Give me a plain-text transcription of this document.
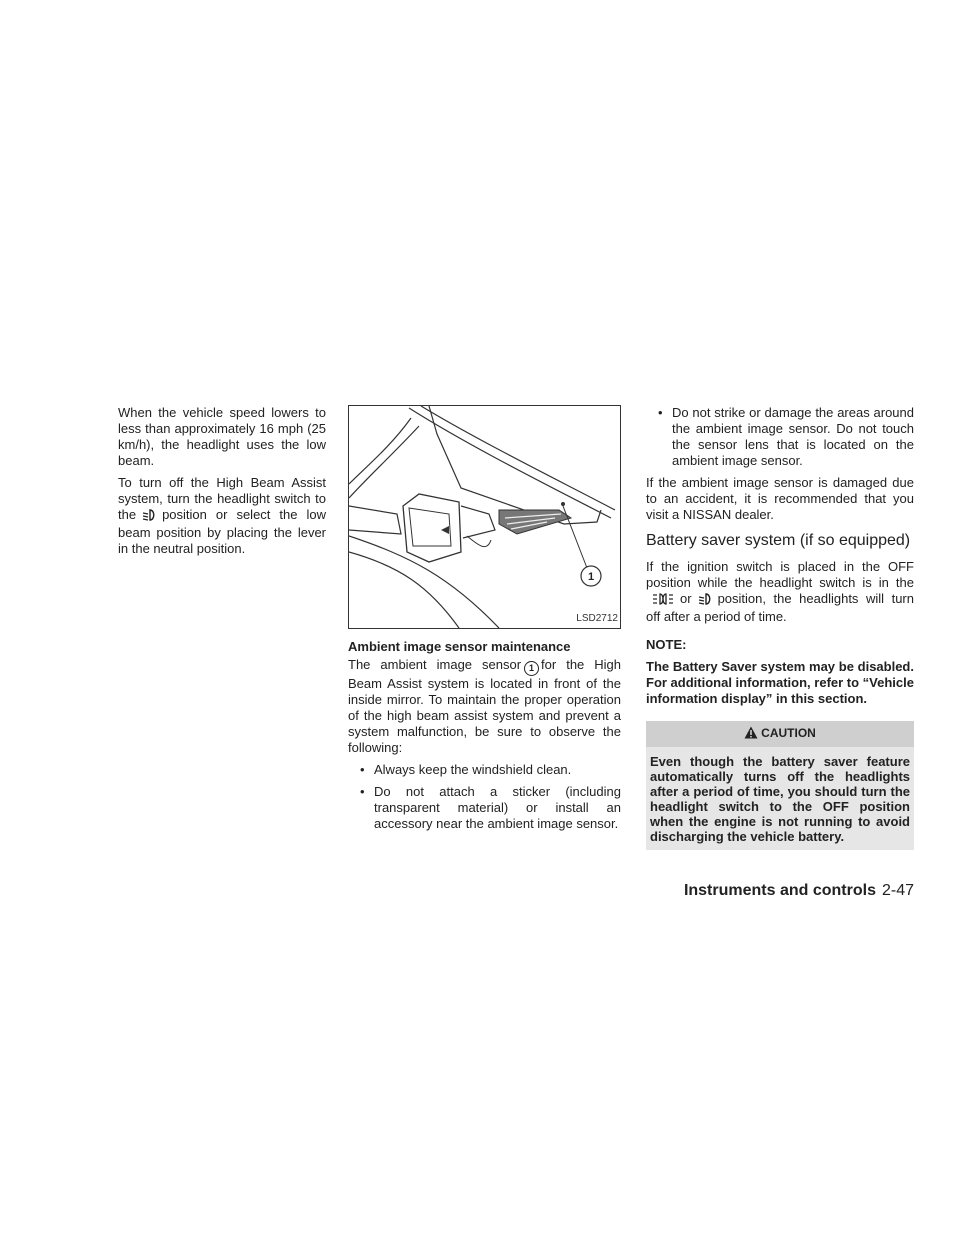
When the vehicle speed lowers to less than approximately 16 mph (25 km/h), the headlight uses the low beam.

To turn off the High Beam Assist system, turn the headlight switch to the position or select the low beam position by placing the lever in the neutral position.

1
LSD2712
Ambient image sensor maintenance

The ambient image sensor 1 for the High Beam Assist system is located in front of the inside mirror. To maintain the proper operation of the high beam assist system and prevent a system malfunction, be sure to observe the following:

• Always keep the windshield clean.
• Do not attach a sticker (including transparent material) or install an accessory near the ambient image sensor.
• Do not strike or damage the areas around the ambient image sensor. Do not touch the sensor lens that is located on the ambient image sensor.

If the ambient image sensor is damaged due to an accident, it is recommended that you visit a NISSAN dealer.

Battery saver system (if so equipped)

If the ignition switch is placed in the OFF position while the headlight switch is in theor position, the headlights will turn off after a period of time.

NOTE:

The Battery Saver system may be disabled. For additional information, refer to “Vehicle information display” in this section.

CAUTION
Even though the battery saver feature automatically turns off the headlights after a period of time, you should turn the headlight switch to the OFF position when the engine is not running to avoid discharging the vehicle battery.
Instruments and controls 2-47
